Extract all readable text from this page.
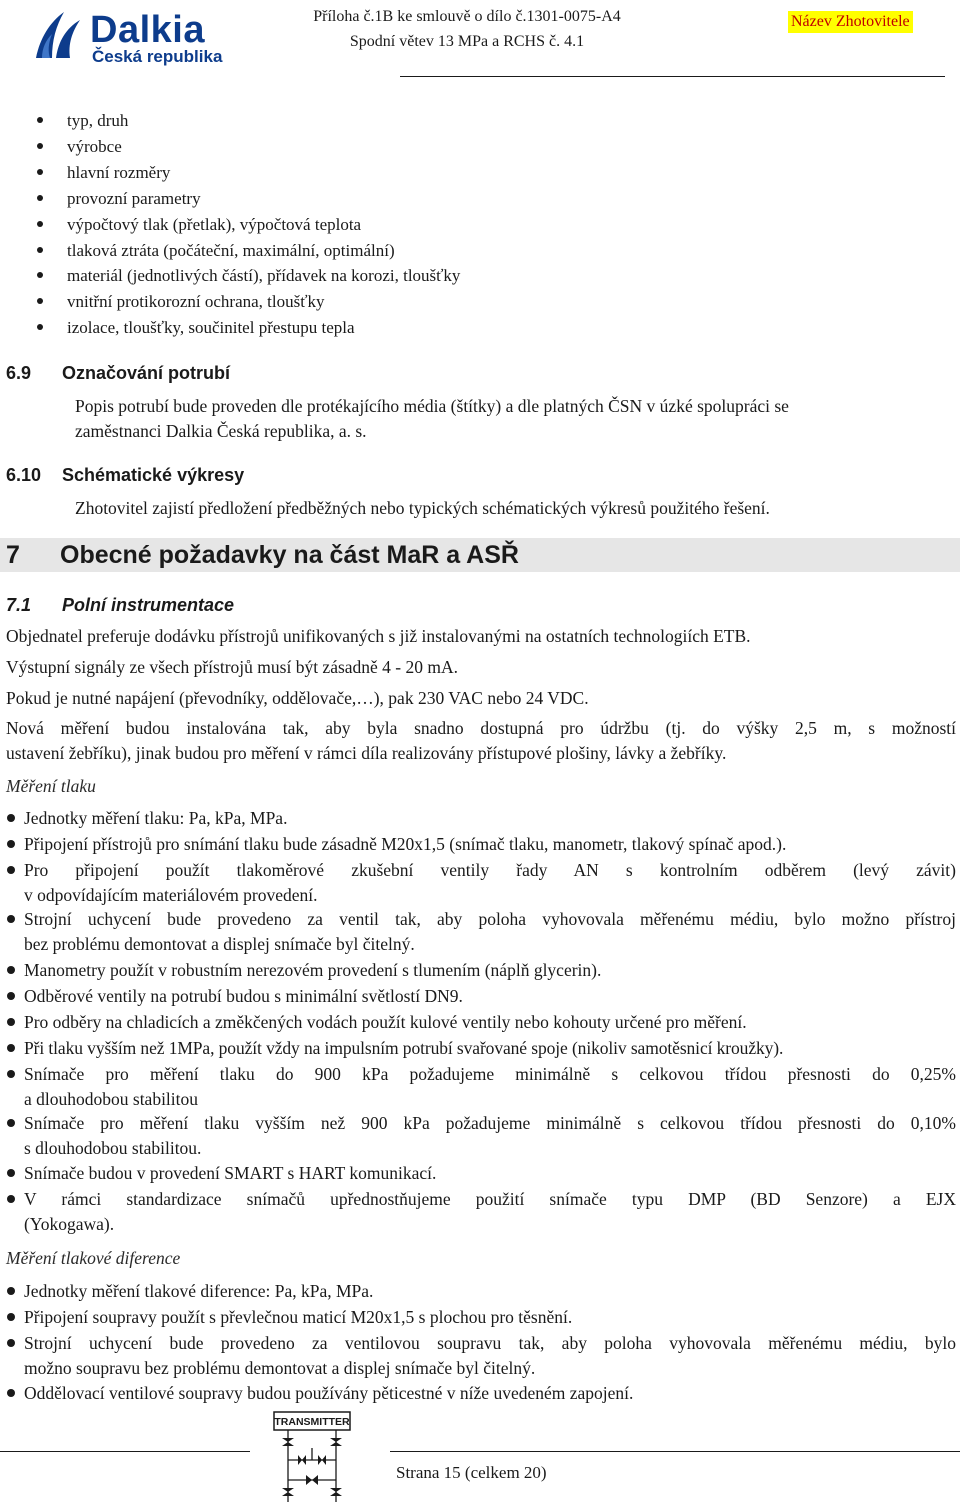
Dalkia
Česká republika
Příloha č.1B ke smlouvě o dílo č.1301-0075-A4
Spodní větev 13 MPa a RCHS č. 4.1
Název Zhotovitele
typ, druh
výrobce
hlavní rozměry
provozní parametry
výpočtový tlak (přetlak), výpočtová teplota
tlaková ztráta (počáteční, maximální, optimální)
materiál (jednotlivých částí), přídavek na korozi, tloušťky
vnitřní protikorozní ochrana, tloušťky
izolace, tloušťky, součinitel přestupu tepla
6.9 Označování potrubí
Popis potrubí bude proveden dle protékajícího média (štítky) a dle platných ČSN v úzké spolupráci se
zaměstnanci Dalkia Česká republika, a. s.
6.10 Schématické výkresy
Zhotovitel zajistí předložení předběžných nebo typických schématických výkresů použitého řešení.
7 Obecné požadavky na část MaR a ASŘ
7.1 Polní instrumentace
Objednatel preferuje dodávku přístrojů unifikovaných s již instalovanými na ostatních technologiích ETB.
Výstupní signály ze všech přístrojů musí být zásadně 4 - 20 mA.
Pokud je nutné napájení (převodníky, oddělovače,…), pak 230 VAC nebo 24 VDC.
Nová měření budou instalována tak, aby byla snadno dostupná pro údržbu (tj. do výšky 2,5 m, s možností
ustavení žebříku), jinak budou pro měření v rámci díla realizovány přístupové plošiny, lávky a žebříky.
Měření tlaku
Jednotky měření tlaku: Pa, kPa, MPa.
Připojení přístrojů pro snímání tlaku bude zásadně M20x1,5 (snímač tlaku, manometr, tlakový spínač apod.).
Pro připojení použít tlakoměrové zkušební ventily řady AN s kontrolním odběrem (levý závit)
v odpovídajícím materiálovém provedení.
Strojní uchycení bude provedeno za ventil tak, aby poloha vyhovovala měřenému médiu, bylo možno přístroj
bez problému demontovat a displej snímače byl čitelný.
Manometry použít v robustním nerezovém provedení s tlumením (náplň glycerin).
Odběrové ventily na potrubí budou s minimální světlostí DN9.
Pro odběry na chladicích a změkčených vodách použít kulové ventily nebo kohouty určené pro měření.
Při tlaku vyšším než 1MPa, použít vždy na impulsním potrubí svařované spoje (nikoliv samotěsnicí kroužky).
Snímače pro měření tlaku do 900 kPa požadujeme minimálně s celkovou třídou přesnosti do 0,25%
a dlouhodobou stabilitou
Snímače pro měření tlaku vyšším než 900 kPa požadujeme minimálně s celkovou třídou přesnosti do 0,10%
s dlouhodobou stabilitou.
Snímače budou v provedení SMART s HART komunikací.
V rámci standardizace snímačů upřednostňujeme použití snímače typu DMP (BD Senzore) a EJX
(Yokogawa).
Měření tlakové diference
Jednotky měření tlakové diference: Pa, kPa, MPa.
Připojení soupravy použít s převlečnou maticí M20x1,5 s plochou pro těsnění.
Strojní uchycení bude provedeno za ventilovou soupravu tak, aby poloha vyhovovala měřenému médiu, bylo
možno soupravu bez problému demontovat a displej snímače byl čitelný.
Oddělovací ventilové soupravy budou používány pěticestné v níže uvedeném zapojení.
TRANSMITTER
Strana 15 (celkem 20)
